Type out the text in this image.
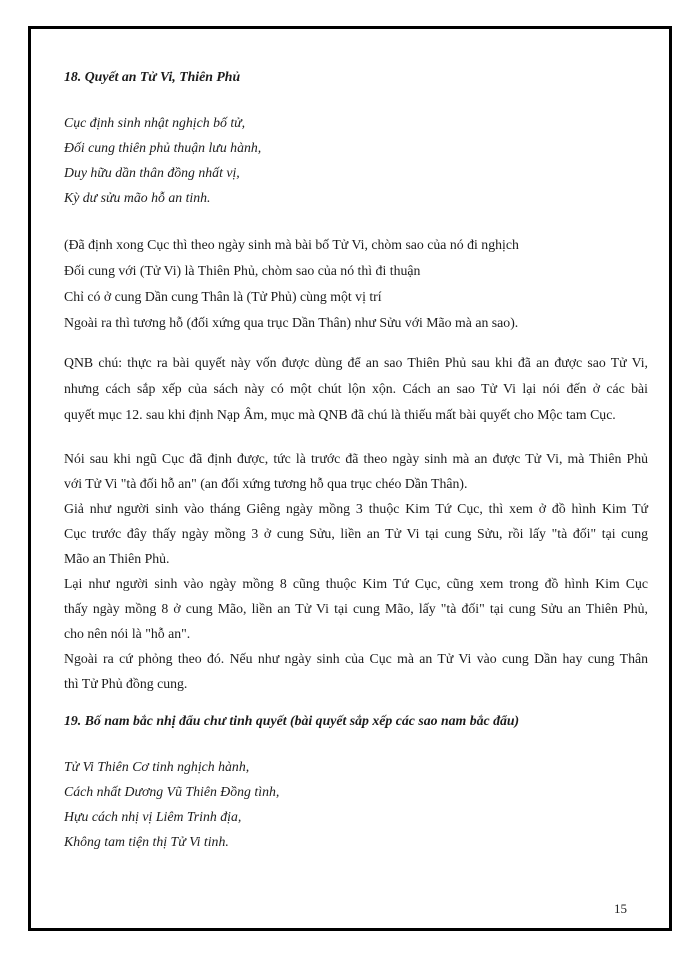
18. Quyết an Tử Vi, Thiên Phủ
Cục định sinh nhật nghịch bố tử,
Đối cung thiên phủ thuận lưu hành,
Duy hữu dần thân đồng nhất vị,
Kỳ dư sửu mão hỗ an tinh.
(Đã định xong Cục thì theo ngày sinh mà bài bố Tử Vi, chòm sao của nó đi nghịch
Đối cung với (Tử Vi) là Thiên Phủ, chòm sao của nó thì đi thuận
Chỉ có ở cung Dần cung Thân là (Tử Phủ) cùng một vị trí
Ngoài ra thì tương hỗ (đối xứng qua trục Dần Thân) như Sửu với Mão mà an sao).
QNB chú: thực ra bài quyết này vốn được dùng để an sao Thiên Phủ sau khi đã an được sao Tử Vi,
nhưng cách sắp xếp của sách này có một chút lộn xộn. Cách an sao Tử Vi lại nói đến ở các bài
quyết mục 12. sau khi định Nạp Âm, mục mà QNB đã chú là thiếu mất bài quyết cho Mộc tam Cục.
Nói sau khi ngũ Cục đã định được, tức là trước đã theo ngày sinh mà an được Tử Vi, mà Thiên Phủ
với Tử Vi "tà đối hỗ an" (an đối xứng tương hỗ qua trục chéo Dần Thân).
Giả như người sinh vào tháng Giêng ngày mồng 3 thuộc Kim Tứ Cục, thì xem ở đồ hình Kim Tứ
Cục trước đây thấy ngày mồng 3 ở cung Sửu, liền an Tử Vi tại cung Sửu, rồi lấy "tà đối" tại cung
Mão an Thiên Phủ.
Lại như người sinh vào ngày mồng 8 cũng thuộc Kim Tứ Cục, cũng xem trong đồ hình Kim Cục
thấy ngày mồng 8 ở cung Mão, liền an Tử Vi tại cung Mão, lấy "tà đối" tại cung Sửu an Thiên Phủ,
cho nên nói là "hỗ an".
Ngoài ra cứ phỏng theo đó. Nếu như ngày sinh của Cục mà an Tử Vi vào cung Dần hay cung Thân
thì Tử Phủ đồng cung.
19. Bố nam bắc nhị đẩu chư tinh quyết (bài quyết sắp xếp các sao nam bắc đẩu)
Tử Vi Thiên Cơ tinh nghịch hành,
Cách nhất Dương Vũ Thiên Đồng tình,
Hựu cách nhị vị Liêm Trinh địa,
Không tam tiện thị Tử Vi tinh.
15
